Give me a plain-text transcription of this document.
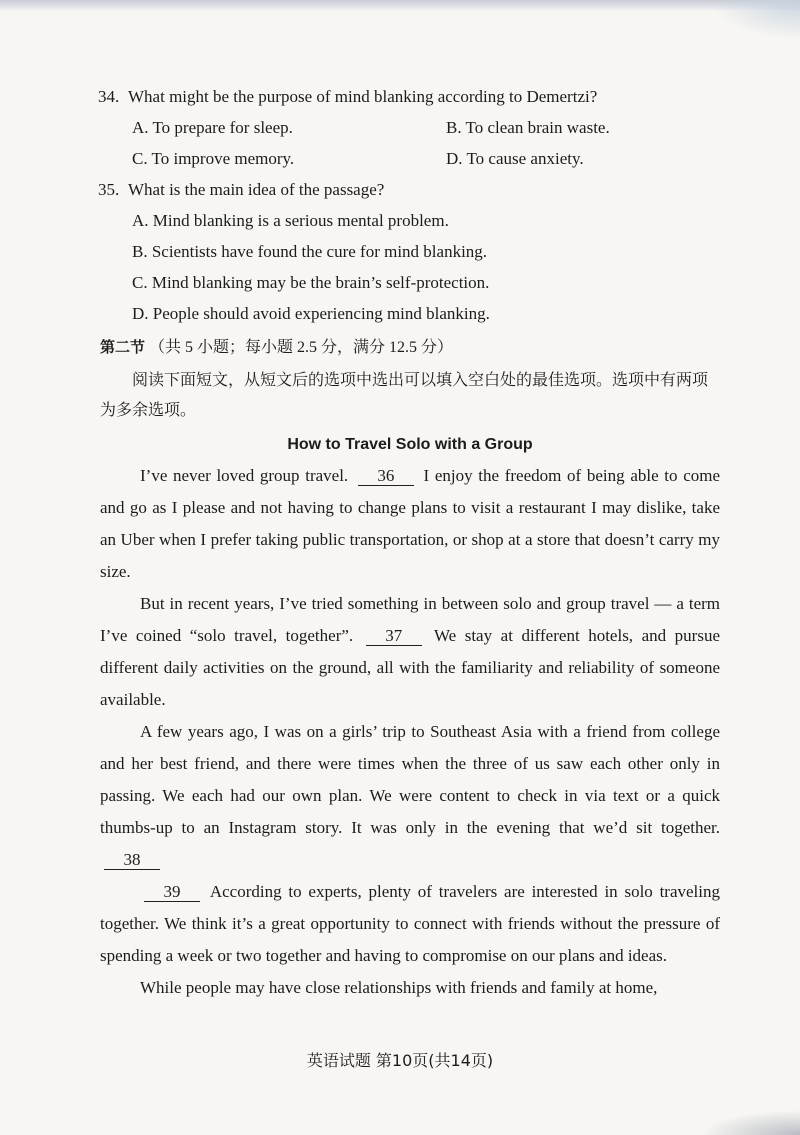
34. What might be the purpose of mind blanking according to Demertzi?
A. To prepare for sleep.	B. To clean brain waste.
C. To improve memory.	D. To cause anxiety.
35. What is the main idea of the passage?
A. Mind blanking is a serious mental problem.
B. Scientists have found the cure for mind blanking.
C. Mind blanking may be the brain’s self-protection.
D. People should avoid experiencing mind blanking.
第二节 （共 5 小题；每小题 2.5 分，满分 12.5 分）

阅读下面短文，从短文后的选项中选出可以填入空白处的最佳选项。选项中有两项为多余选项。

How to Travel Solo with a Group

I’ve never loved group travel. 36 I enjoy the freedom of being able to come and go as I please and not having to change plans to visit a restaurant I may dislike, take an Uber when I prefer taking public transportation, or shop at a store that doesn’t carry my size.

But in recent years, I’ve tried something in between solo and group travel — a term I’ve coined “solo travel, together”. 37 We stay at different hotels, and pursue different daily activities on the ground, all with the familiarity and reliability of someone available.

A few years ago, I was on a girls’ trip to Southeast Asia with a friend from college and her best friend, and there were times when the three of us saw each other only in passing. We each had our own plan. We were content to check in via text or a quick thumbs-up to an Instagram story. It was only in the evening that we’d sit together. 38

39 According to experts, plenty of travelers are interested in solo traveling together. We think it’s a great opportunity to connect with friends without the pressure of spending a week or two together and having to compromise on our plans and ideas.

While people may have close relationships with friends and family at home,

英语试题 第10页(共14页)
